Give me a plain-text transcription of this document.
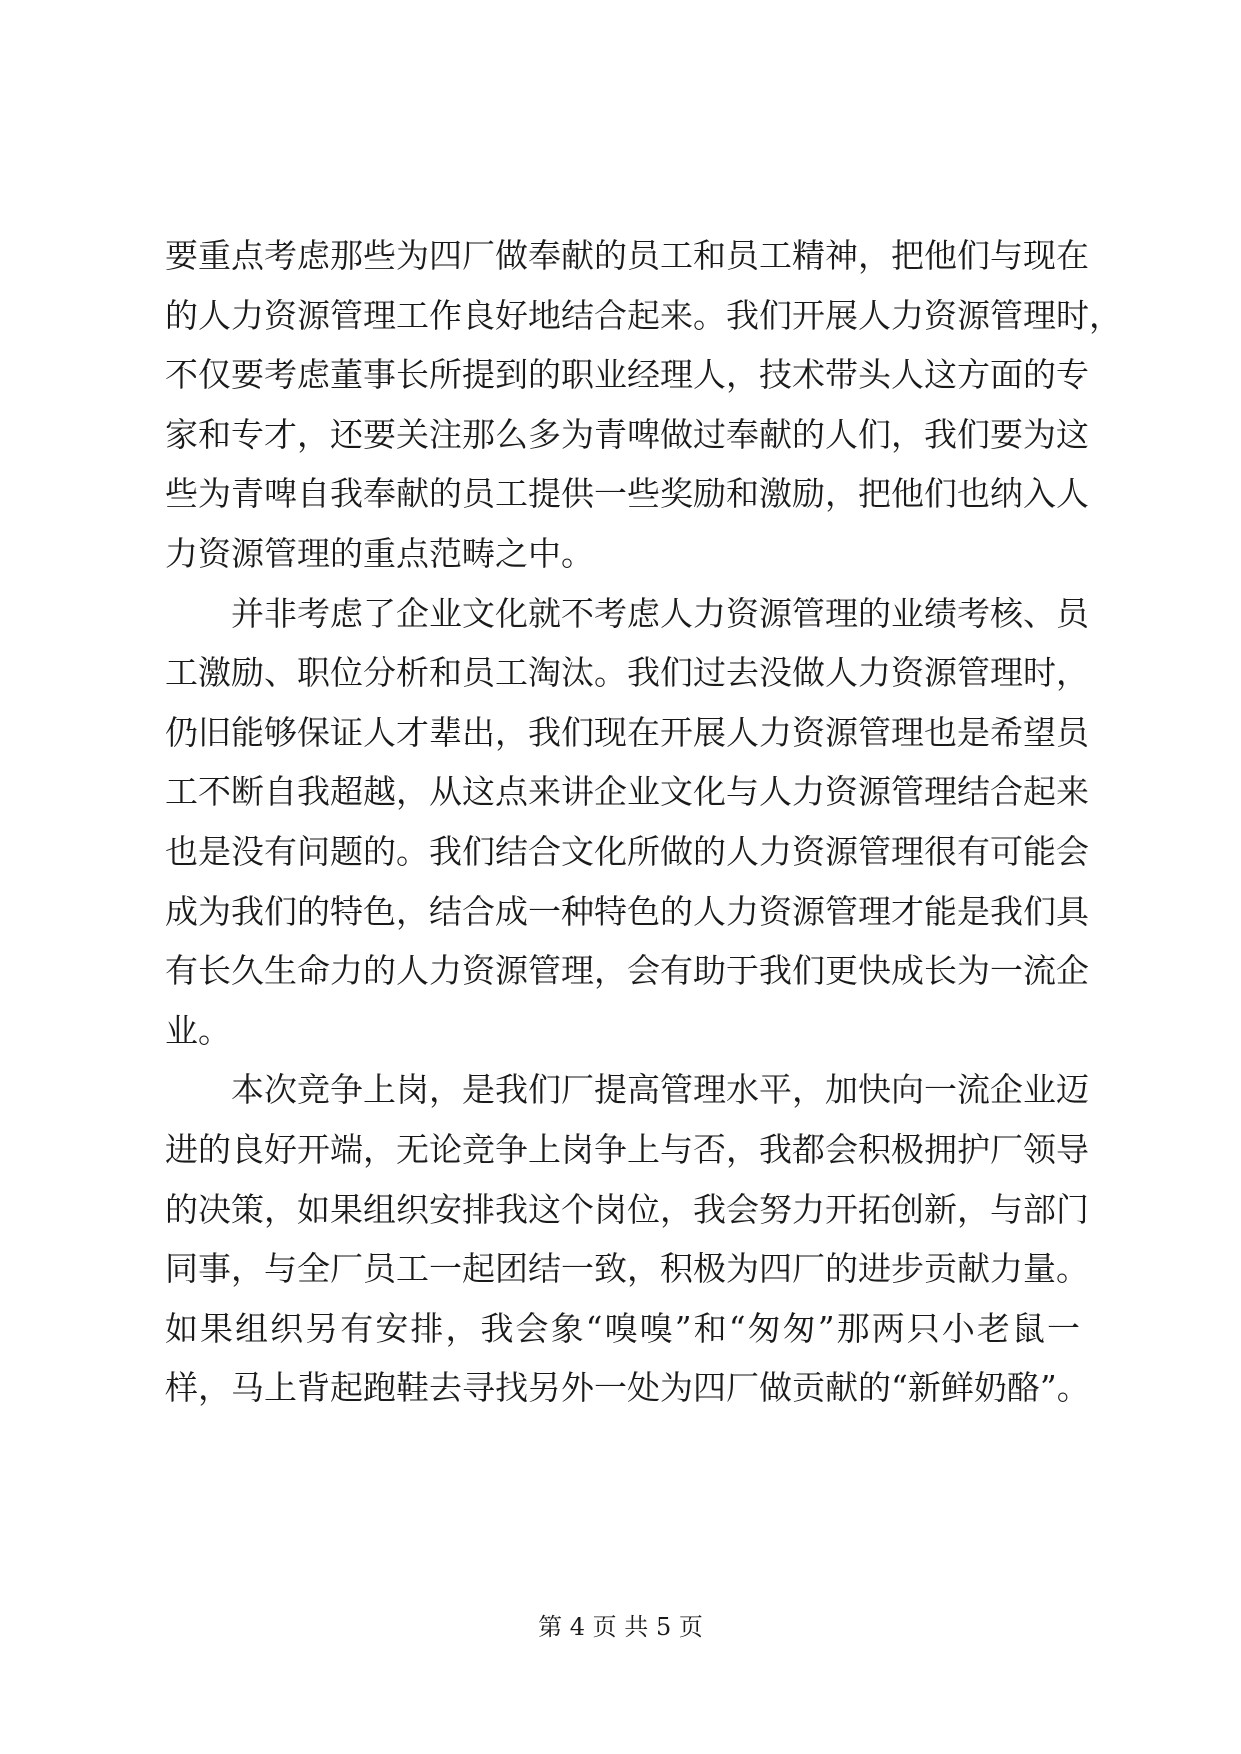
要重点考虑那些为四厂做奉献的员工和员工精神，把他们与现在
的人力资源管理工作良好地结合起来。我们开展人力资源管理时，
不仅要考虑董事长所提到的职业经理人，技术带头人这方面的专
家和专才，还要关注那么多为青啤做过奉献的人们，我们要为这
些为青啤自我奉献的员工提供一些奖励和激励，把他们也纳入人
力资源管理的重点范畴之中。
并非考虑了企业文化就不考虑人力资源管理的业绩考核、员
工激励、职位分析和员工淘汰。我们过去没做人力资源管理时，
仍旧能够保证人才辈出，我们现在开展人力资源管理也是希望员
工不断自我超越，从这点来讲企业文化与人力资源管理结合起来
也是没有问题的。我们结合文化所做的人力资源管理很有可能会
成为我们的特色，结合成一种特色的人力资源管理才能是我们具
有长久生命力的人力资源管理，会有助于我们更快成长为一流企
业。
本次竞争上岗，是我们厂提高管理水平，加快向一流企业迈
进的良好开端，无论竞争上岗争上与否，我都会积极拥护厂领导
的决策，如果组织安排我这个岗位，我会努力开拓创新，与部门
同事，与全厂员工一起团结一致，积极为四厂的进步贡献力量。
如果组织另有安排，我会象“嗅嗅”和“匆匆”那两只小老鼠一
样，马上背起跑鞋去寻找另外一处为四厂做贡献的“新鲜奶酪”。
第 4 页 共 5 页
